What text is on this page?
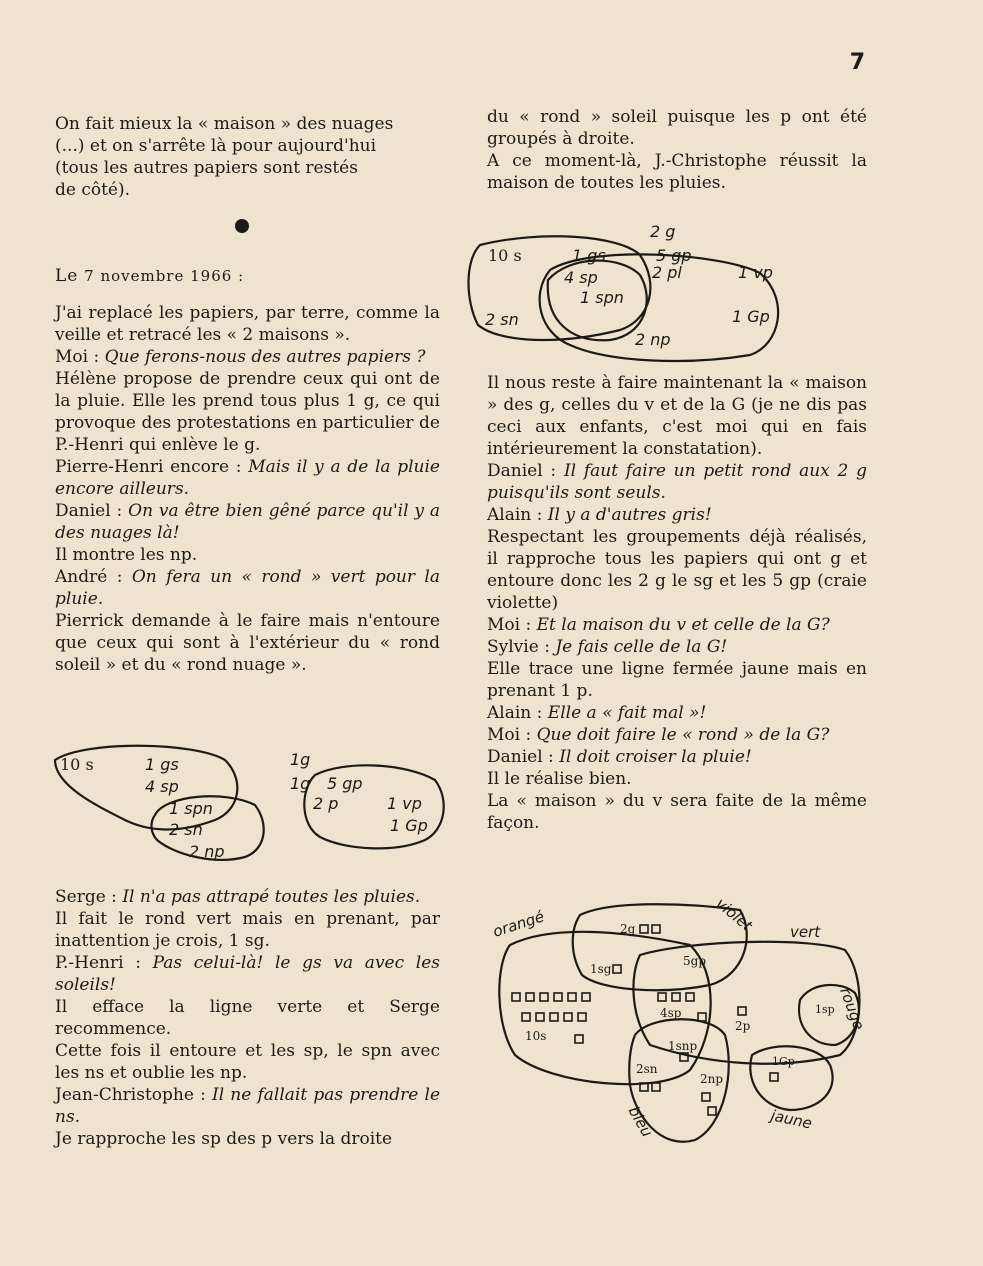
7

On fait mieux la « maison » des nuages

(...) et on s'arrête là pour aujourd'hui

(tous les autres papiers sont restés

de côté).

Le 7 novembre 1966 :

J'ai replacé les papiers, par terre, comme la veille et retracé les « 2 maisons ».

Moi : Que ferons-nous des autres papiers ?

Hélène propose de prendre ceux qui ont de la pluie. Elle les prend tous plus 1 g, ce qui provoque des protestations en particulier de P.-Henri qui enlève le g.

Pierre-Henri encore : Mais il y a de la pluie encore ailleurs.

Daniel : On va être bien gêné parce qu'il y a des nuages là!

Il montre les np.

André : On fera un « rond » vert pour la pluie.

Pierrick demande à le faire mais n'entoure que ceux qui sont à l'extérieur du « rond soleil » et du « rond nuage ».

10 s	1 gs
4 sp
1 spn
2 sn
2 np
1g
1g 5 gp
2 p	1 vp
1 Gp

Serge : Il n'a pas attrapé toutes les pluies.

Il fait le rond vert mais en prenant, par inattention je crois, 1 sg.

P.-Henri : Pas celui-là! le gs va avec les soleils!

Il efface la ligne verte et Serge recommence.

Cette fois il entoure et les sp, le spn avec les ns et oublie les np.

Jean-Christophe : Il ne fallait pas prendre le ns.

Je rapproche les sp des p vers la droite

du « rond » soleil puisque les p ont été groupés à droite.

A ce moment-là, J.-Christophe réussit la maison de toutes les pluies.

2 g
10 s	1 gs	5 gp
4 sp	2 pl	1 vp
1 spn
2 sn	1 Gp
2 np

Il nous reste à faire maintenant la « maison » des g, celles du v et de la G (je ne dis pas ceci aux enfants, c'est moi qui en fais intérieurement la constatation).

Daniel : Il faut faire un petit rond aux 2 g puisqu'ils sont seuls.

Alain : Il y a d'autres gris!

Respectant les groupements déjà réalisés, il rapproche tous les papiers qui ont g et entoure donc les 2 g le sg et les 5 gp (craie violette)

Moi : Et la maison du v et celle de la G?

Sylvie : Je fais celle de la G!

Elle trace une ligne fermée jaune mais en prenant 1 p.

Alain : Elle a « fait mal »!

Moi : Que doit faire le « rond » de la G?

Daniel : Il doit croiser la pluie!

Il le réalise bien.

La « maison » du v sera faite de la même façon.

orangé	violet vert
rouge
bleu	jaune
2g
1sg
5gp
10s
4sp
2p
1sp
1snp
2sn
2np
1Gp
